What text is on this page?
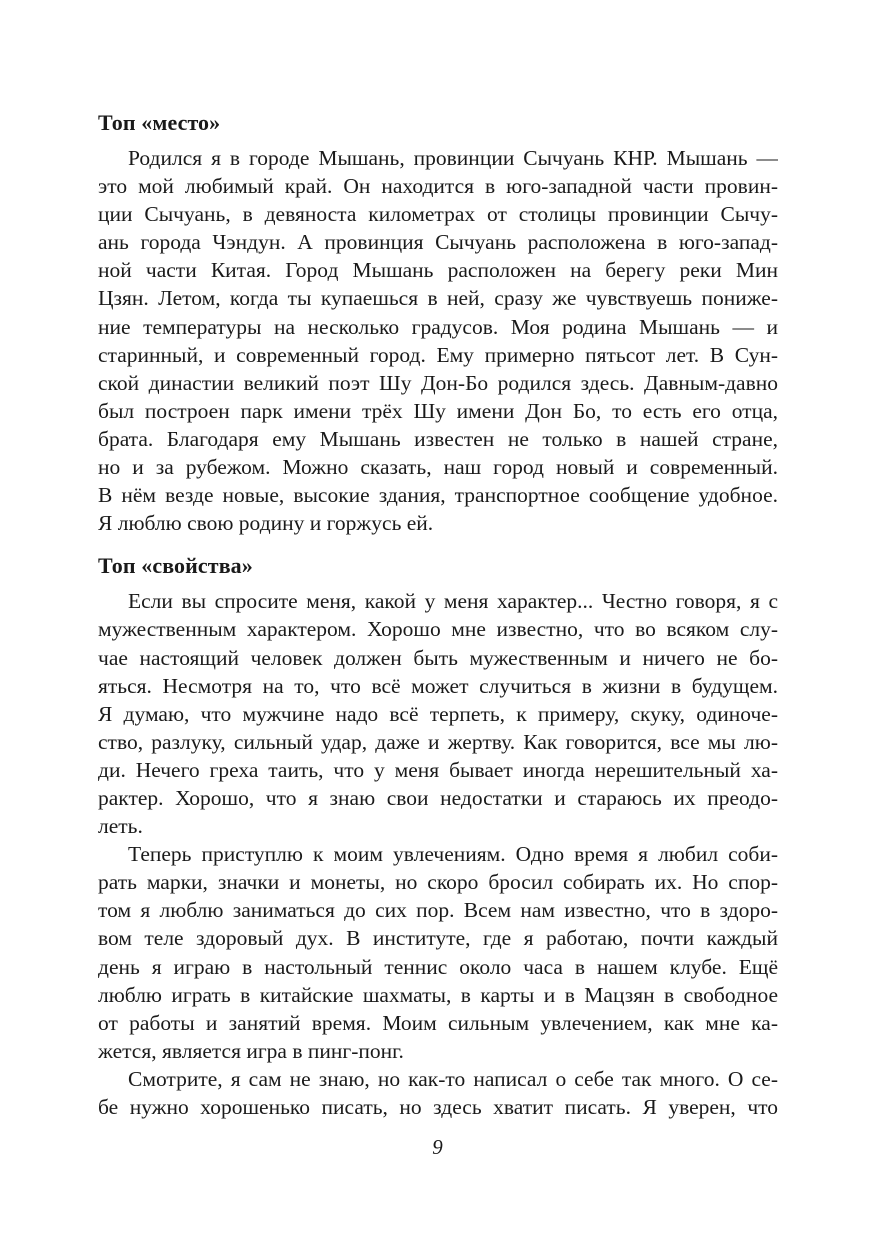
Топ «место»
Родился я в городе Мышань, провинции Сычуань КНР. Мышань —
это мой любимый край. Он находится в юго-западной части провин-
ции Сычуань, в девяноста километрах от столицы провинции Сычу-
ань города Чэндун. А провинция Сычуань расположена в юго-запад-
ной части Китая. Город Мышань расположен на берегу реки Мин
Цзян. Летом, когда ты купаешься в ней, сразу же чувствуешь пониже-
ние температуры на несколько градусов. Моя родина Мышань — и
старинный, и современный город. Ему примерно пятьсот лет. В Сун-
ской династии великий поэт Шу Дон-Бо родился здесь. Давным-давно
был построен парк имени трёх Шу имени Дон Бо, то есть его отца,
брата. Благодаря ему Мышань известен не только в нашей стране,
но и за рубежом. Можно сказать, наш город новый и современный.
В нём везде новые, высокие здания, транспортное сообщение удобное.
Я люблю свою родину и горжусь ей.
Топ «свойства»
Если вы спросите меня, какой у меня характер... Честно говоря, я с
мужественным характером. Хорошо мне известно, что во всяком слу-
чае настоящий человек должен быть мужественным и ничего не бо-
яться. Несмотря на то, что всё может случиться в жизни в будущем.
Я думаю, что мужчине надо всё терпеть, к примеру, скуку, одиноче-
ство, разлуку, сильный удар, даже и жертву. Как говорится, все мы лю-
ди. Нечего греха таить, что у меня бывает иногда нерешительный ха-
рактер. Хорошо, что я знаю свои недостатки и стараюсь их преодо-
леть.
Теперь приступлю к моим увлечениям. Одно время я любил соби-
рать марки, значки и монеты, но скоро бросил собирать их. Но спор-
том я люблю заниматься до сих пор. Всем нам известно, что в здоро-
вом теле здоровый дух. В институте, где я работаю, почти каждый
день я играю в настольный теннис около часа в нашем клубе. Ещё
люблю играть в китайские шахматы, в карты и в Мацзян в свободное
от работы и занятий время. Моим сильным увлечением, как мне ка-
жется, является игра в пинг-понг.
Смотрите, я сам не знаю, но как-то написал о себе так много. О се-
бе нужно хорошенько писать, но здесь хватит писать. Я уверен, что
9
